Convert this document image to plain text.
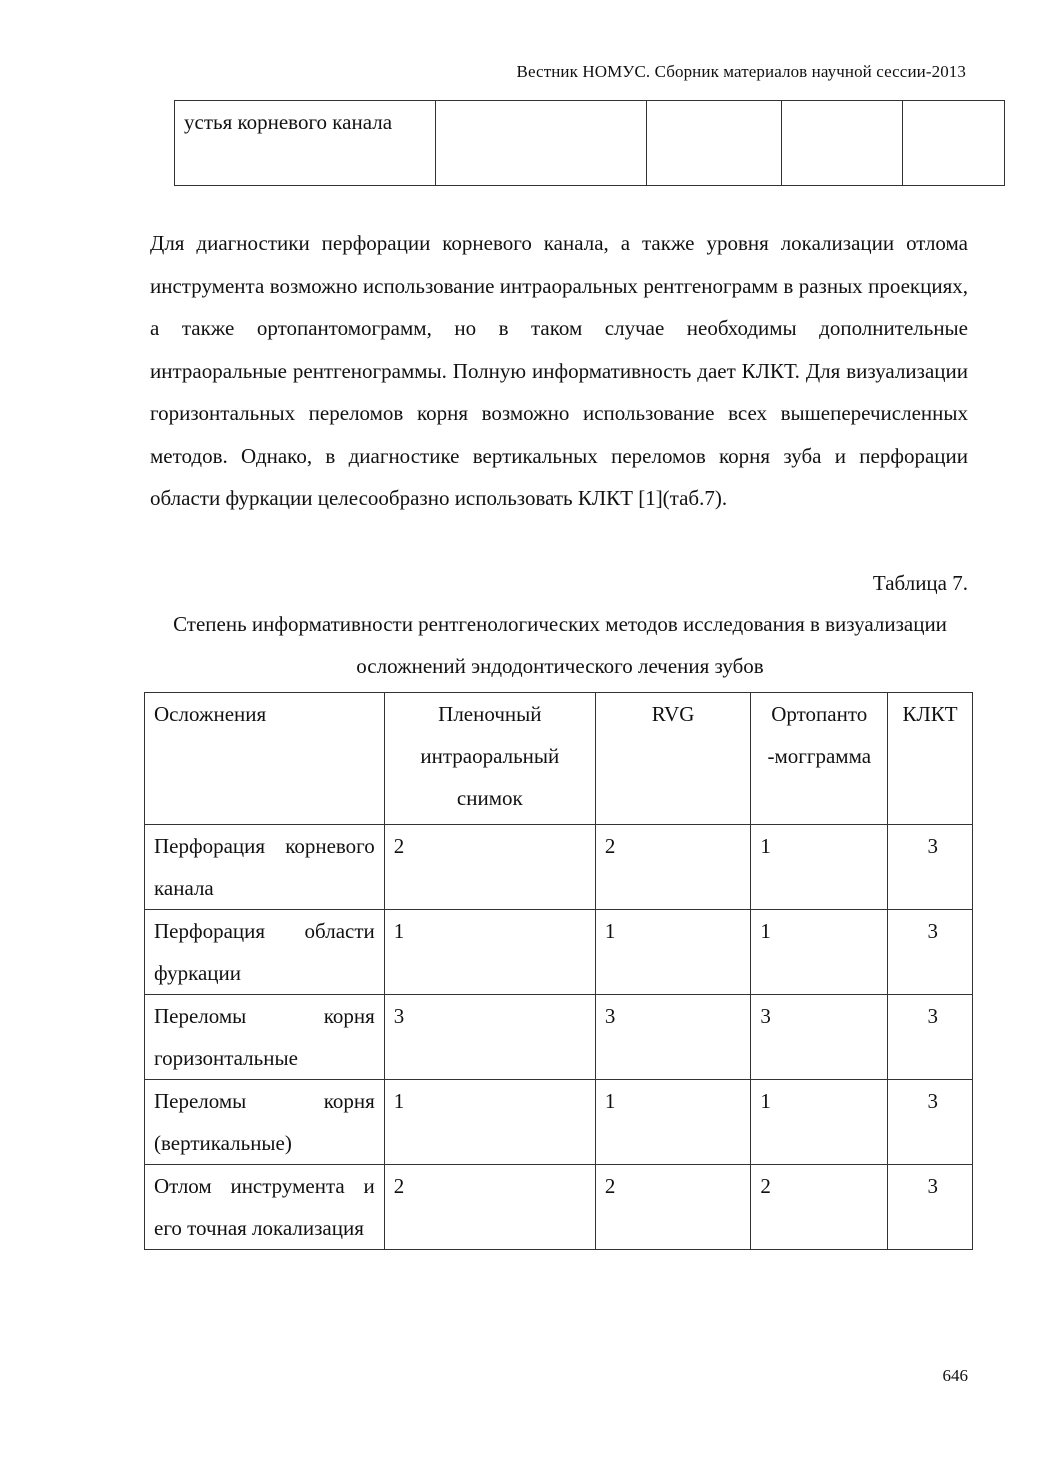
Вестник НОМУС. Сборник материалов научной сессии-2013
устья корневого канала				

Для диагностики перфорации корневого канала, а также уровня локализации отлома инструмента возможно использование интраоральных рентгенограмм в разных проекциях, а также ортопантомограмм, но в таком случае необходимы дополнительные интраоральные рентгенограммы. Полную информативность дает КЛКТ. Для визуализации горизонтальных переломов корня возможно использование всех вышеперечисленных методов. Однако, в диагностике вертикальных переломов корня зуба и перфорации области фуркации целесообразно использовать КЛКТ [1](таб.7).

Таблица 7.
Степень информативности рентгенологических методов исследования в визуализации осложнений эндодонтического лечения зубов
Осложнения	Пленочный интраоральный снимок	RVG	Ортопанто -могграмма	КЛКТ
Перфорация корневого канала	2	2	1	3
Перфорация области фуркации	1	1	1	3
Переломы корня горизонтальные	3	3	3	3
Переломы корня (вертикальные)	1	1	1	3
Отлом инструмента и его точная локализация	2	2	2	3
646
